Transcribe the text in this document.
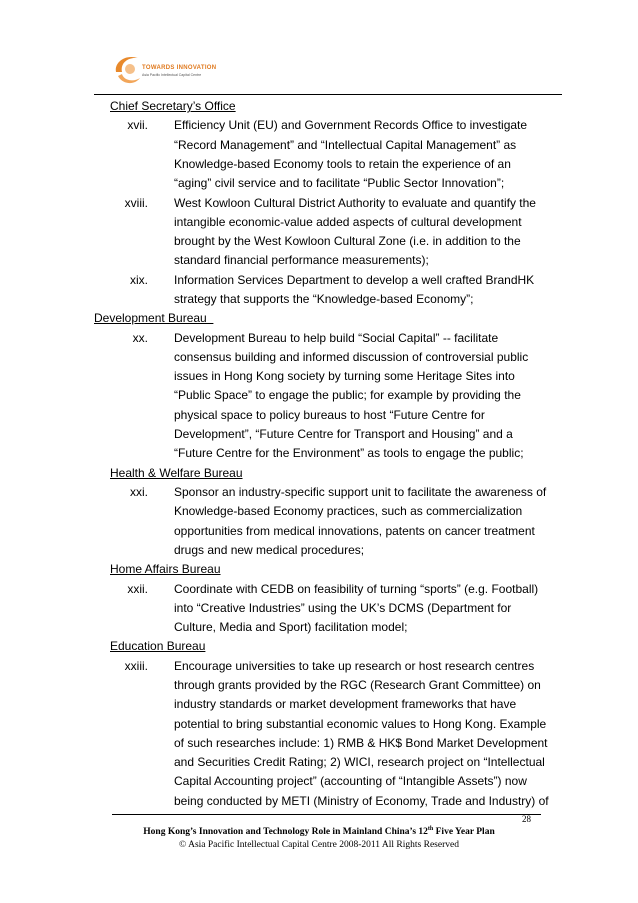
TOWARDS INNOVATION
Asia Pacific Intellectual Capital Centre
Chief Secretary’s Office
xvii. Efficiency Unit (EU) and Government Records Office to investigate
“Record Management” and “Intellectual Capital Management” as
Knowledge-based Economy tools to retain the experience of an
“aging” civil service and to facilitate “Public Sector Innovation”;
xviii. West Kowloon Cultural District Authority to evaluate and quantify the
intangible economic-value added aspects of cultural development
brought by the West Kowloon Cultural Zone (i.e. in addition to the
standard financial performance measurements);
xix. Information Services Department to develop a well crafted BrandHK
strategy that supports the “Knowledge-based Economy”;
Development Bureau
xx. Development Bureau to help build “Social Capital” -- facilitate
consensus building and informed discussion of controversial public
issues in Hong Kong society by turning some Heritage Sites into
“Public Space” to engage the public; for example by providing the
physical space to policy bureaus to host “Future Centre for
Development”, “Future Centre for Transport and Housing” and a
“Future Centre for the Environment” as tools to engage the public;
Health & Welfare Bureau
xxi. Sponsor an industry-specific support unit to facilitate the awareness of
Knowledge-based Economy practices, such as commercialization
opportunities from medical innovations, patents on cancer treatment
drugs and new medical procedures;
Home Affairs Bureau
xxii. Coordinate with CEDB on feasibility of turning “sports” (e.g. Football)
into “Creative Industries” using the UK’s DCMS (Department for
Culture, Media and Sport) facilitation model;
Education Bureau
xxiii. Encourage universities to take up research or host research centres
through grants provided by the RGC (Research Grant Committee) on
industry standards or market development frameworks that have
potential to bring substantial economic values to Hong Kong. Example
of such researches include: 1) RMB & HK$ Bond Market Development
and Securities Credit Rating; 2) WICI, research project on “Intellectual
Capital Accounting project” (accounting of “Intangible Assets”) now
being conducted by METI (Ministry of Economy, Trade and Industry) of
28
Hong Kong’s Innovation and Technology Role in Mainland China’s 12th Five Year Plan
© Asia Pacific Intellectual Capital Centre 2008-2011 All Rights Reserved
